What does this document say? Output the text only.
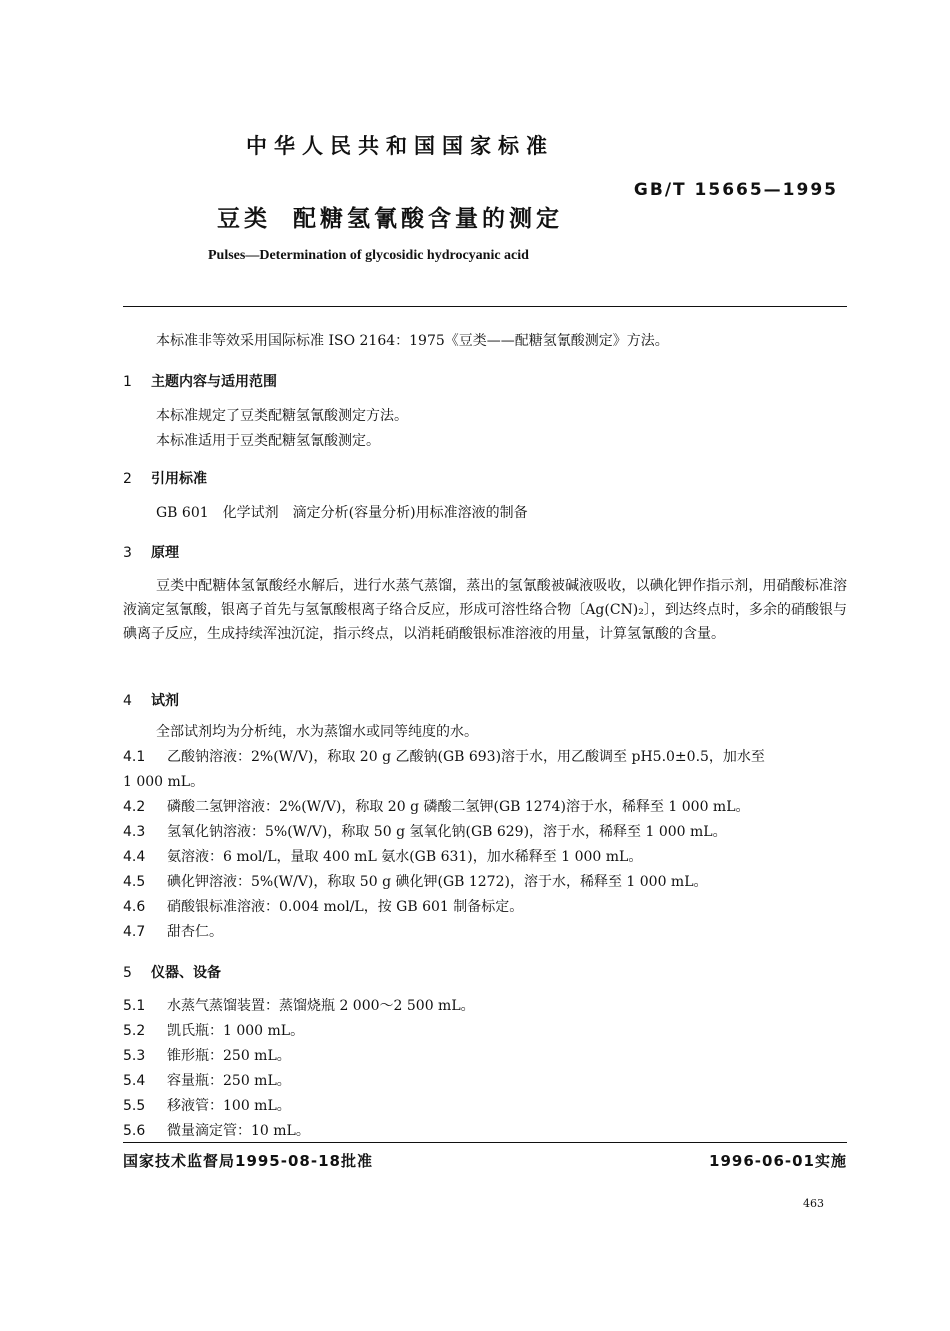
中华人民共和国国家标准
GB/T 15665—1995
豆类 配糖氢氰酸含量的测定
Pulses—Determination of glycosidic hydrocyanic acid
本标准非等效采用国际标准 ISO 2164：1975《豆类——配糖氢氰酸测定》方法。
1 主题内容与适用范围
本标准规定了豆类配糖氢氰酸测定方法。
本标准适用于豆类配糖氢氰酸测定。
2 引用标准
GB 601　化学试剂　滴定分析(容量分析)用标准溶液的制备
3 原理
豆类中配糖体氢氰酸经水解后，进行水蒸气蒸馏，蒸出的氢氰酸被碱液吸收，以碘化钾作指示剂，用硝酸标准溶液滴定氢氰酸，银离子首先与氢氰酸根离子络合反应，形成可溶性络合物〔Ag(CN)₂〕，到达终点时，多余的硝酸银与碘离子反应，生成持续浑浊沉淀，指示终点，以消耗硝酸银标准溶液的用量，计算氢氰酸的含量。
4 试剂
全部试剂均为分析纯，水为蒸馏水或同等纯度的水。
4.1 乙酸钠溶液：2%(W/V)，称取 20 g 乙酸钠(GB 693)溶于水，用乙酸调至 pH5.0±0.5，加水至
1 000 mL。
4.2 磷酸二氢钾溶液：2%(W/V)，称取 20 g 磷酸二氢钾(GB 1274)溶于水，稀释至 1 000 mL。
4.3 氢氧化钠溶液：5%(W/V)，称取 50 g 氢氧化钠(GB 629)，溶于水，稀释至 1 000 mL。
4.4 氨溶液：6 mol/L，量取 400 mL 氨水(GB 631)，加水稀释至 1 000 mL。
4.5 碘化钾溶液：5%(W/V)，称取 50 g 碘化钾(GB 1272)，溶于水，稀释至 1 000 mL。
4.6 硝酸银标准溶液：0.004 mol/L，按 GB 601 制备标定。
4.7 甜杏仁。
5 仪器、设备
5.1 水蒸气蒸馏装置：蒸馏烧瓶 2 000～2 500 mL。
5.2 凯氏瓶：1 000 mL。
5.3 锥形瓶：250 mL。
5.4 容量瓶：250 mL。
5.5 移液管：100 mL。
5.6 微量滴定管：10 mL。
国家技术监督局1995-08-18批准	1996-06-01实施
463
